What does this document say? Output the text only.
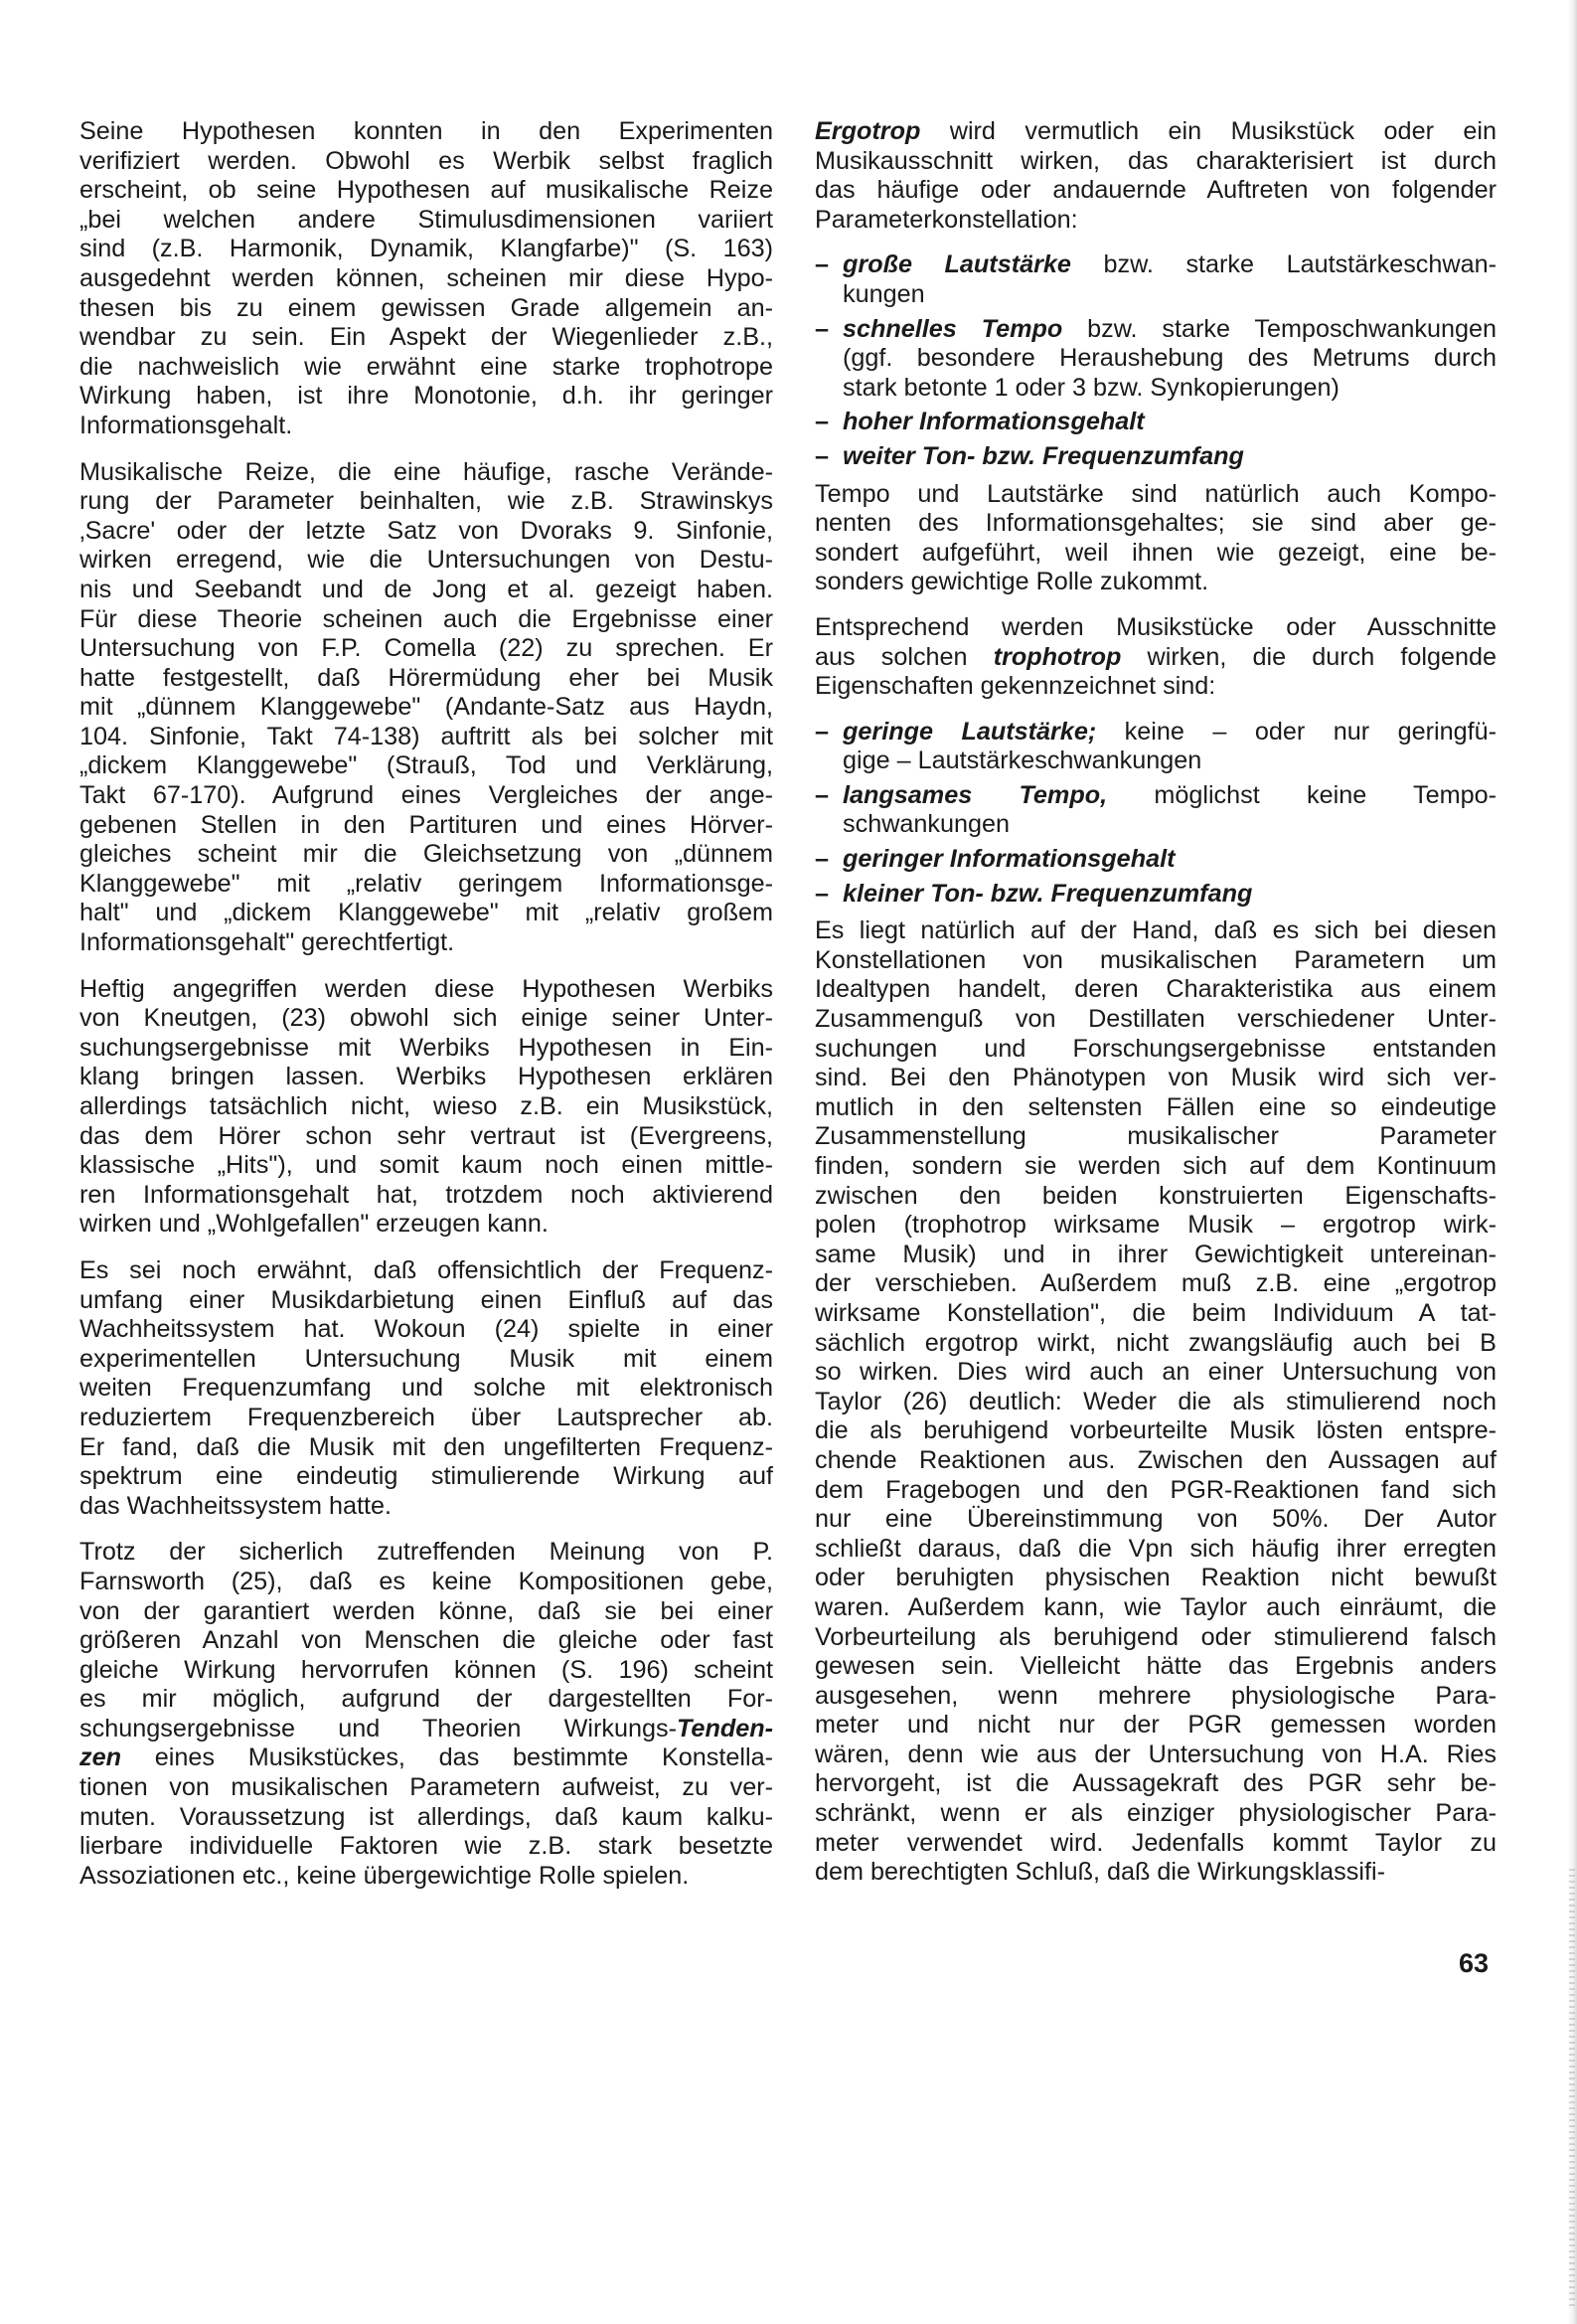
Seine Hypothesen konnten in den Experimenten
verifiziert werden. Obwohl es Werbik selbst fraglich
erscheint, ob seine Hypothesen auf musikalische Reize
„bei welchen andere Stimulusdimensionen variiert
sind (z.B. Harmonik, Dynamik, Klangfarbe)" (S. 163)
ausgedehnt werden können, scheinen mir diese Hypo-
thesen bis zu einem gewissen Grade allgemein an-
wendbar zu sein. Ein Aspekt der Wiegenlieder z.B.,
die nachweislich wie erwähnt eine starke trophotrope
Wirkung haben, ist ihre Monotonie, d.h. ihr geringer
Informationsgehalt.
Musikalische Reize, die eine häufige, rasche Verände-
rung der Parameter beinhalten, wie z.B. Strawinskys
‚Sacre' oder der letzte Satz von Dvoraks 9. Sinfonie,
wirken erregend, wie die Untersuchungen von Destu-
nis und Seebandt und de Jong et al. gezeigt haben.
Für diese Theorie scheinen auch die Ergebnisse einer
Untersuchung von F.P. Comella (22) zu sprechen. Er
hatte festgestellt, daß Hörermüdung eher bei Musik
mit „dünnem Klanggewebe" (Andante-Satz aus Haydn,
104. Sinfonie, Takt 74-138) auftritt als bei solcher mit
„dickem Klanggewebe" (Strauß, Tod und Verklärung,
Takt 67-170). Aufgrund eines Vergleiches der ange-
gebenen Stellen in den Partituren und eines Hörver-
gleiches scheint mir die Gleichsetzung von „dünnem
Klanggewebe" mit „relativ geringem Informationsge-
halt" und „dickem Klanggewebe" mit „relativ großem
Informationsgehalt" gerechtfertigt.
Heftig angegriffen werden diese Hypothesen Werbiks
von Kneutgen, (23) obwohl sich einige seiner Unter-
suchungsergebnisse mit Werbiks Hypothesen in Ein-
klang bringen lassen. Werbiks Hypothesen erklären
allerdings tatsächlich nicht, wieso z.B. ein Musikstück,
das dem Hörer schon sehr vertraut ist (Evergreens,
klassische „Hits"), und somit kaum noch einen mittle-
ren Informationsgehalt hat, trotzdem noch aktivierend
wirken und „Wohlgefallen" erzeugen kann.
Es sei noch erwähnt, daß offensichtlich der Frequenz-
umfang einer Musikdarbietung einen Einfluß auf das
Wachheitssystem hat. Wokoun (24) spielte in einer
experimentellen Untersuchung Musik mit einem
weiten Frequenzumfang und solche mit elektronisch
reduziertem Frequenzbereich über Lautsprecher ab.
Er fand, daß die Musik mit den ungefilterten Frequenz-
spektrum eine eindeutig stimulierende Wirkung auf
das Wachheitssystem hatte.
Trotz der sicherlich zutreffenden Meinung von P.
Farnsworth (25), daß es keine Kompositionen gebe,
von der garantiert werden könne, daß sie bei einer
größeren Anzahl von Menschen die gleiche oder fast
gleiche Wirkung hervorrufen können (S. 196) scheint
es mir möglich, aufgrund der dargestellten For-
schungsergebnisse und Theorien Wirkungs-Tenden-
zen eines Musikstückes, das bestimmte Konstella-
tionen von musikalischen Parametern aufweist, zu ver-
muten. Voraussetzung ist allerdings, daß kaum kalku-
lierbare individuelle Faktoren wie z.B. stark besetzte
Assoziationen etc., keine übergewichtige Rolle spielen.
Ergotrop wird vermutlich ein Musikstück oder ein
Musikausschnitt wirken, das charakterisiert ist durch
das häufige oder andauernde Auftreten von folgender
Parameterkonstellation:
– große Lautstärke bzw. starke Lautstärkeschwan-
kungen
– schnelles Tempo bzw. starke Temposchwankungen
(ggf. besondere Heraushebung des Metrums durch
stark betonte 1 oder 3 bzw. Synkopierungen)
– hoher Informationsgehalt
– weiter Ton- bzw. Frequenzumfang
Tempo und Lautstärke sind natürlich auch Kompo-
nenten des Informationsgehaltes; sie sind aber ge-
sondert aufgeführt, weil ihnen wie gezeigt, eine be-
sonders gewichtige Rolle zukommt.
Entsprechend werden Musikstücke oder Ausschnitte
aus solchen trophotrop wirken, die durch folgende
Eigenschaften gekennzeichnet sind:
– geringe Lautstärke; keine – oder nur geringfü-
gige – Lautstärkeschwankungen
– langsames Tempo, möglichst keine Tempo-
schwankungen
– geringer Informationsgehalt
– kleiner Ton- bzw. Frequenzumfang
Es liegt natürlich auf der Hand, daß es sich bei diesen
Konstellationen von musikalischen Parametern um
Idealtypen handelt, deren Charakteristika aus einem
Zusammenguß von Destillaten verschiedener Unter-
suchungen und Forschungsergebnisse entstanden
sind. Bei den Phänotypen von Musik wird sich ver-
mutlich in den seltensten Fällen eine so eindeutige
Zusammenstellung musikalischer Parameter
finden, sondern sie werden sich auf dem Kontinuum
zwischen den beiden konstruierten Eigenschafts-
polen (trophotrop wirksame Musik – ergotrop wirk-
same Musik) und in ihrer Gewichtigkeit untereinan-
der verschieben. Außerdem muß z.B. eine „ergotrop
wirksame Konstellation", die beim Individuum A tat-
sächlich ergotrop wirkt, nicht zwangsläufig auch bei B
so wirken. Dies wird auch an einer Untersuchung von
Taylor (26) deutlich: Weder die als stimulierend noch
die als beruhigend vorbeurteilte Musik lösten entspre-
chende Reaktionen aus. Zwischen den Aussagen auf
dem Fragebogen und den PGR-Reaktionen fand sich
nur eine Übereinstimmung von 50%. Der Autor
schließt daraus, daß die Vpn sich häufig ihrer erregten
oder beruhigten physischen Reaktion nicht bewußt
waren. Außerdem kann, wie Taylor auch einräumt, die
Vorbeurteilung als beruhigend oder stimulierend falsch
gewesen sein. Vielleicht hätte das Ergebnis anders
ausgesehen, wenn mehrere physiologische Para-
meter und nicht nur der PGR gemessen worden
wären, denn wie aus der Untersuchung von H.A. Ries
hervorgeht, ist die Aussagekraft des PGR sehr be-
schränkt, wenn er als einziger physiologischer Para-
meter verwendet wird. Jedenfalls kommt Taylor zu
dem berechtigten Schluß, daß die Wirkungsklassifi-
63
